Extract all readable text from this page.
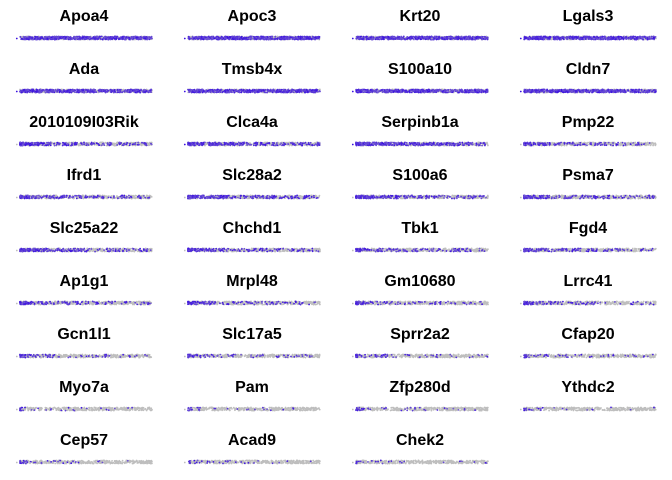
Apoa4	Apoc3	Krt20	Lgals3
Ada	Tmsb4x	S100a10	Cldn7
2010109I03Rik	Clca4a	Serpinb1a	Pmp22
Ifrd1	Slc28a2	S100a6	Psma7
Slc25a22	Chchd1	Tbk1	Fgd4
Ap1g1	Mrpl48	Gm10680	Lrrc41
Gcn1l1	Slc17a5	Sprr2a2	Cfap20
Myo7a	Pam	Zfp280d	Ythdc2
Cep57	Acad9	Chek2
